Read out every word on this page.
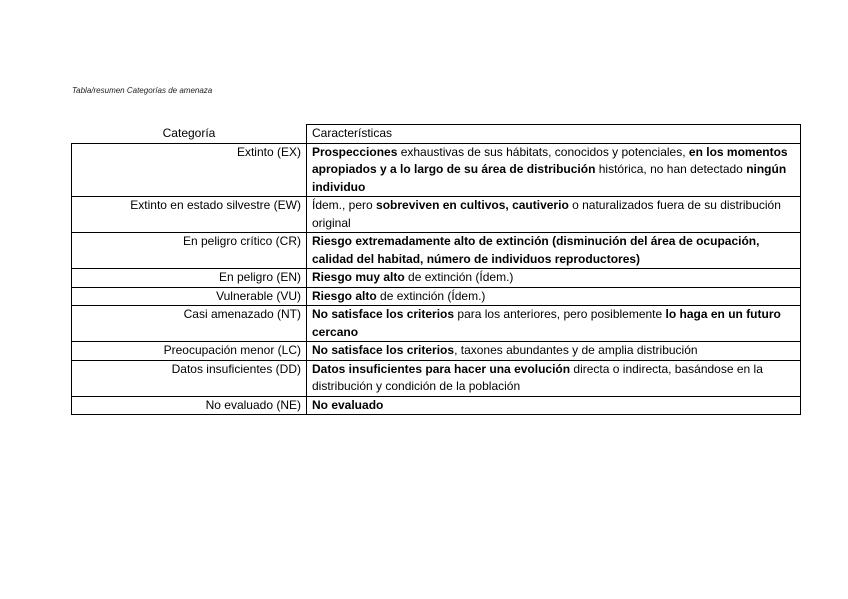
Tabla/resumen Categorías de amenaza
Categoría	Características
Extinto (EX)	Prospecciones exhaustivas de sus hábitats, conocidos y potenciales, en los momentos apropiados y a lo largo de su área de distribución histórica, no han detectado ningún individuo
Extinto en estado silvestre (EW)	Ídem., pero sobreviven en cultivos, cautiverio o naturalizados fuera de su distribución original
En peligro crítico (CR)	Riesgo extremadamente alto de extinción (disminución del área de ocupación, calidad del habitad, número de individuos reproductores)
En peligro (EN)	Riesgo muy alto de extinción (Ídem.)
Vulnerable (VU)	Riesgo alto de extinción (Ídem.)
Casi amenazado (NT)	No satisface los criterios para los anteriores, pero posiblemente lo haga en un futuro cercano
Preocupación menor (LC)	No satisface los criterios, taxones abundantes y de amplia distribución
Datos insuficientes (DD)	Datos insuficientes para hacer una evolución directa o indirecta, basándose en la distribución y condición de la población
No evaluado (NE)	No evaluado
